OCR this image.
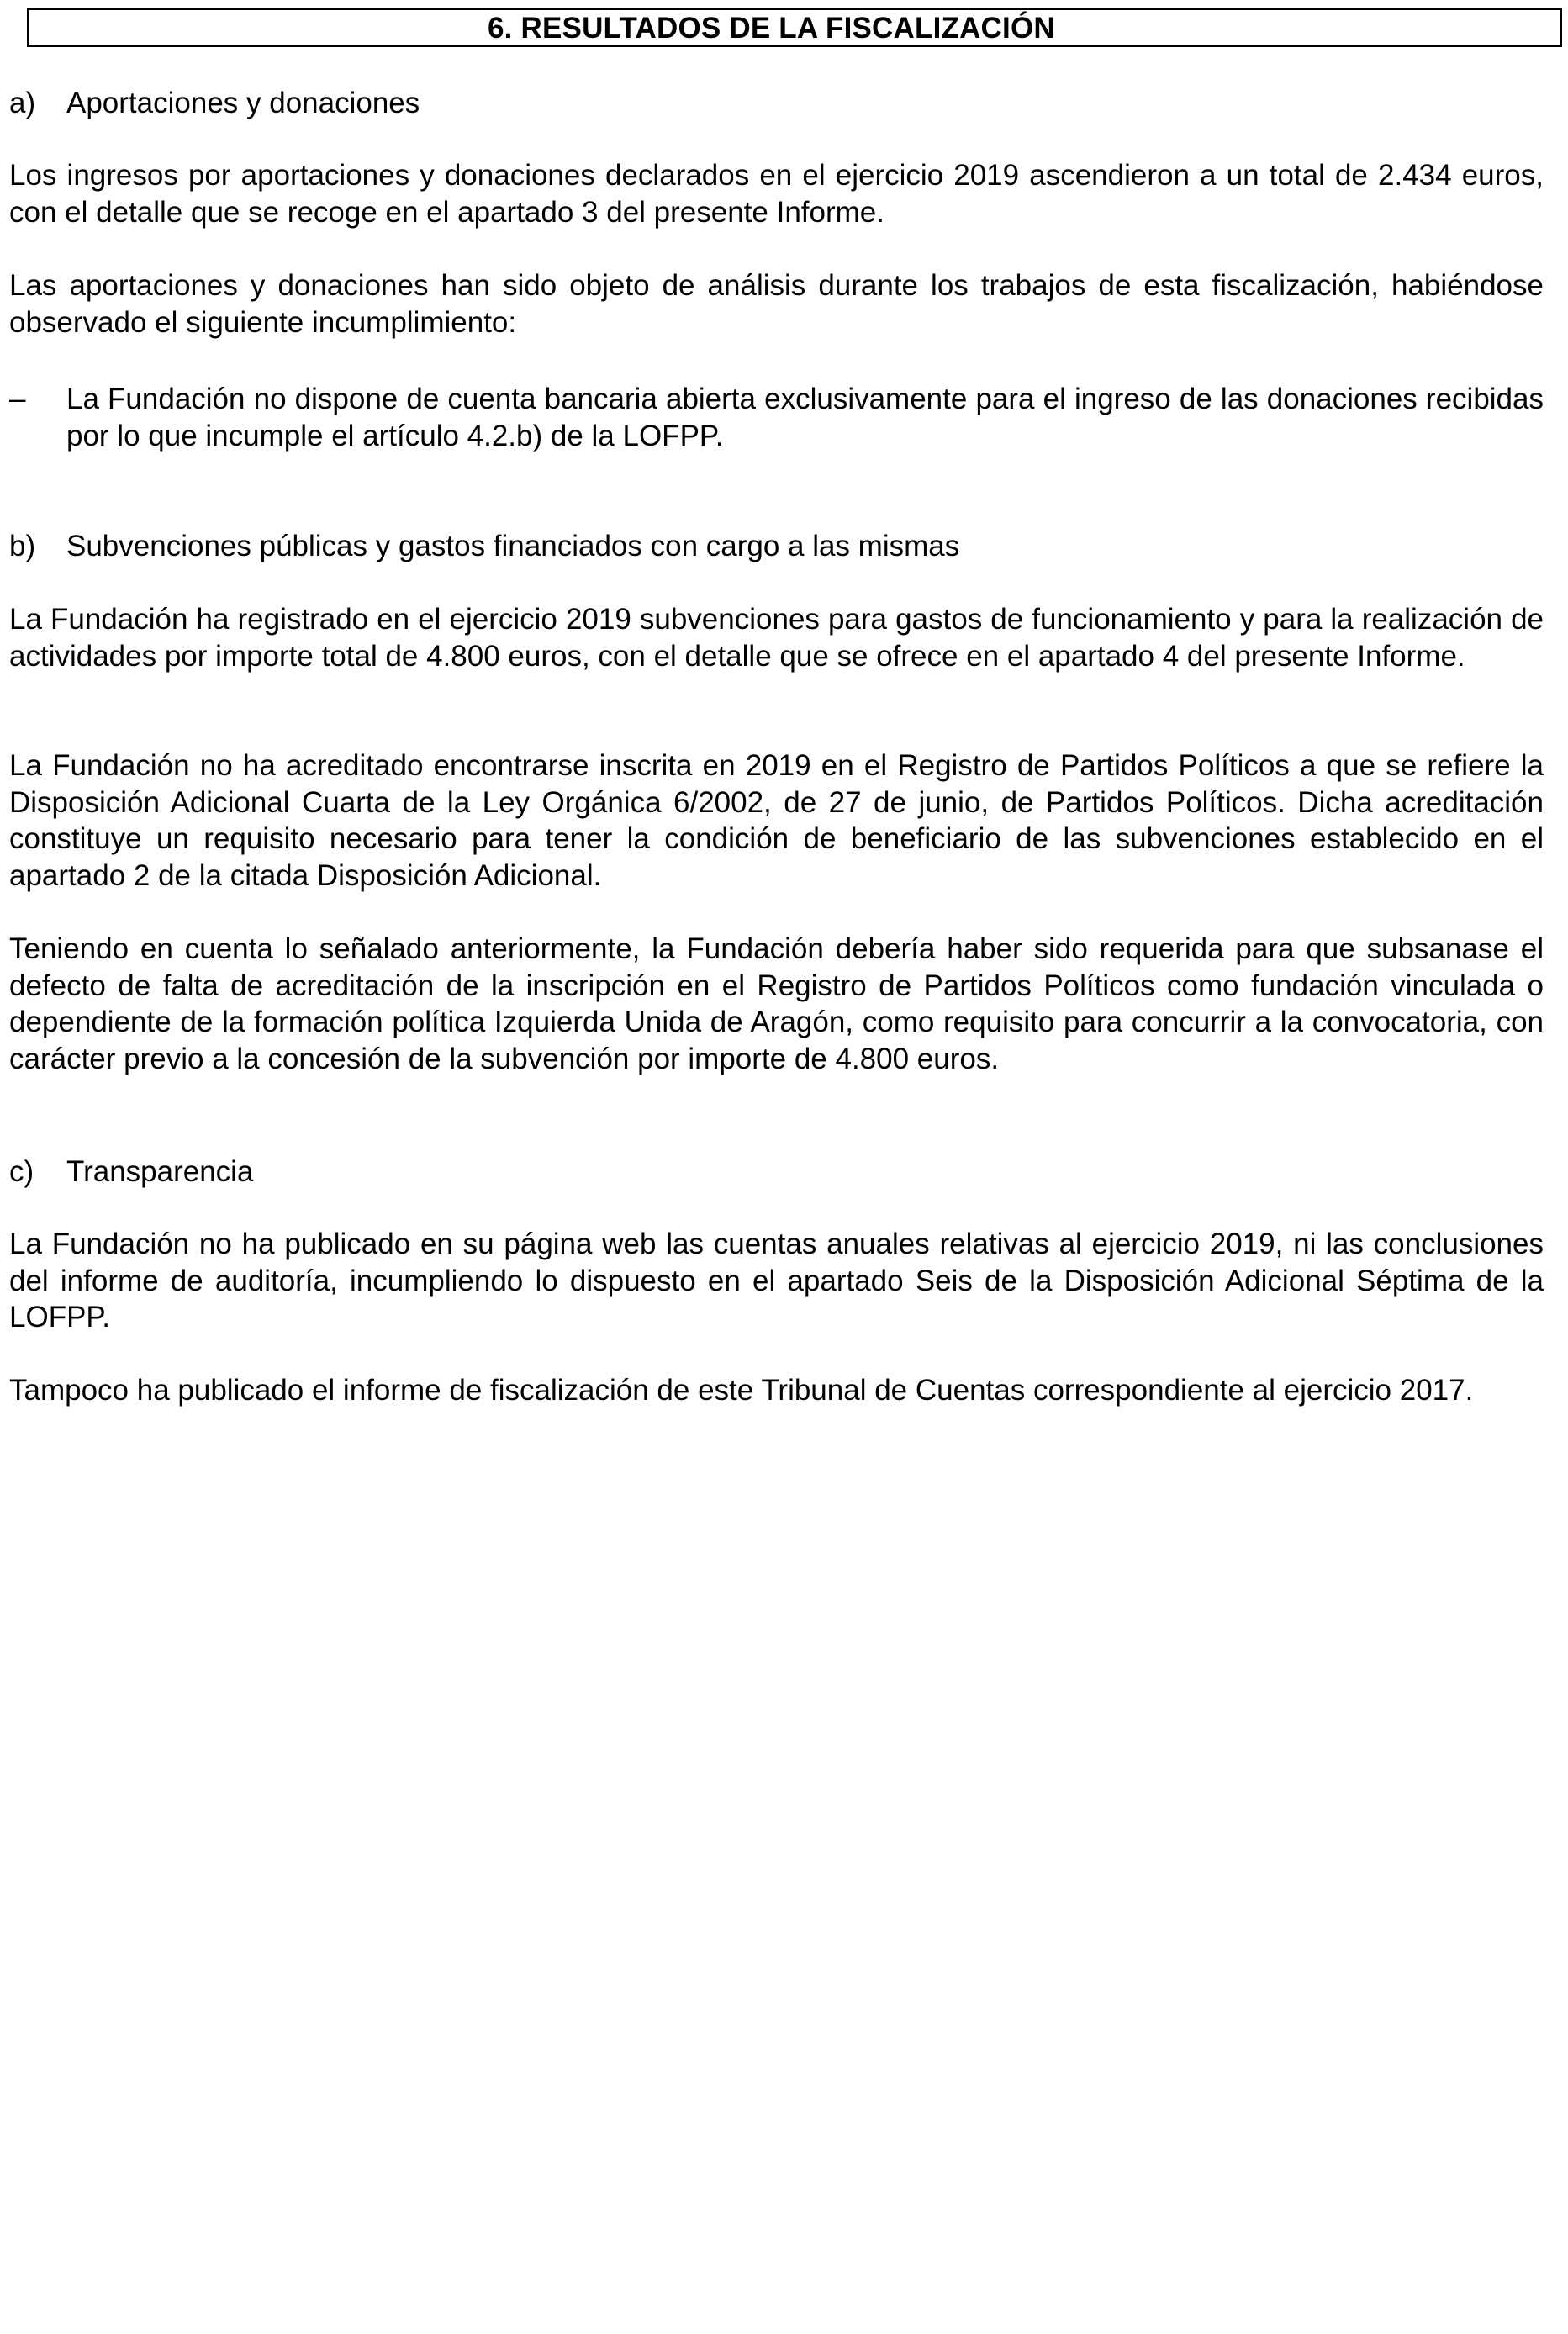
6. RESULTADOS DE LA FISCALIZACIÓN
a) Aportaciones y donaciones

Los ingresos por aportaciones y donaciones declarados en el ejercicio 2019 ascendieron a un total de 2.434 euros, con el detalle que se recoge en el apartado 3 del presente Informe.

Las aportaciones y donaciones han sido objeto de análisis durante los trabajos de esta fiscalización, habiéndose observado el siguiente incumplimiento:

–	La Fundación no dispone de cuenta bancaria abierta exclusivamente para el ingreso de las donaciones recibidas por lo que incumple el artículo 4.2.b) de la LOFPP.
b) Subvenciones públicas y gastos financiados con cargo a las mismas

La Fundación ha registrado en el ejercicio 2019 subvenciones para gastos de funcionamiento y para la realización de actividades por importe total de 4.800 euros, con el detalle que se ofrece en el apartado 4 del presente Informe.

La Fundación no ha acreditado encontrarse inscrita en 2019 en el Registro de Partidos Políticos a que se refiere la Disposición Adicional Cuarta de la Ley Orgánica 6/2002, de 27 de junio, de Partidos Políticos. Dicha acreditación constituye un requisito necesario para tener la condición de beneficiario de las subvenciones establecido en el apartado 2 de la citada Disposición Adicional.

Teniendo en cuenta lo señalado anteriormente, la Fundación debería haber sido requerida para que subsanase el defecto de falta de acreditación de la inscripción en el Registro de Partidos Políticos como fundación vinculada o dependiente de la formación política Izquierda Unida de Aragón, como requisito para concurrir a la convocatoria, con carácter previo a la concesión de la subvención por importe de 4.800 euros.

c) Transparencia

La Fundación no ha publicado en su página web las cuentas anuales relativas al ejercicio 2019, ni las conclusiones del informe de auditoría, incumpliendo lo dispuesto en el apartado Seis de la Disposición Adicional Séptima de la LOFPP.

Tampoco ha publicado el informe de fiscalización de este Tribunal de Cuentas correspondiente al ejercicio 2017.
